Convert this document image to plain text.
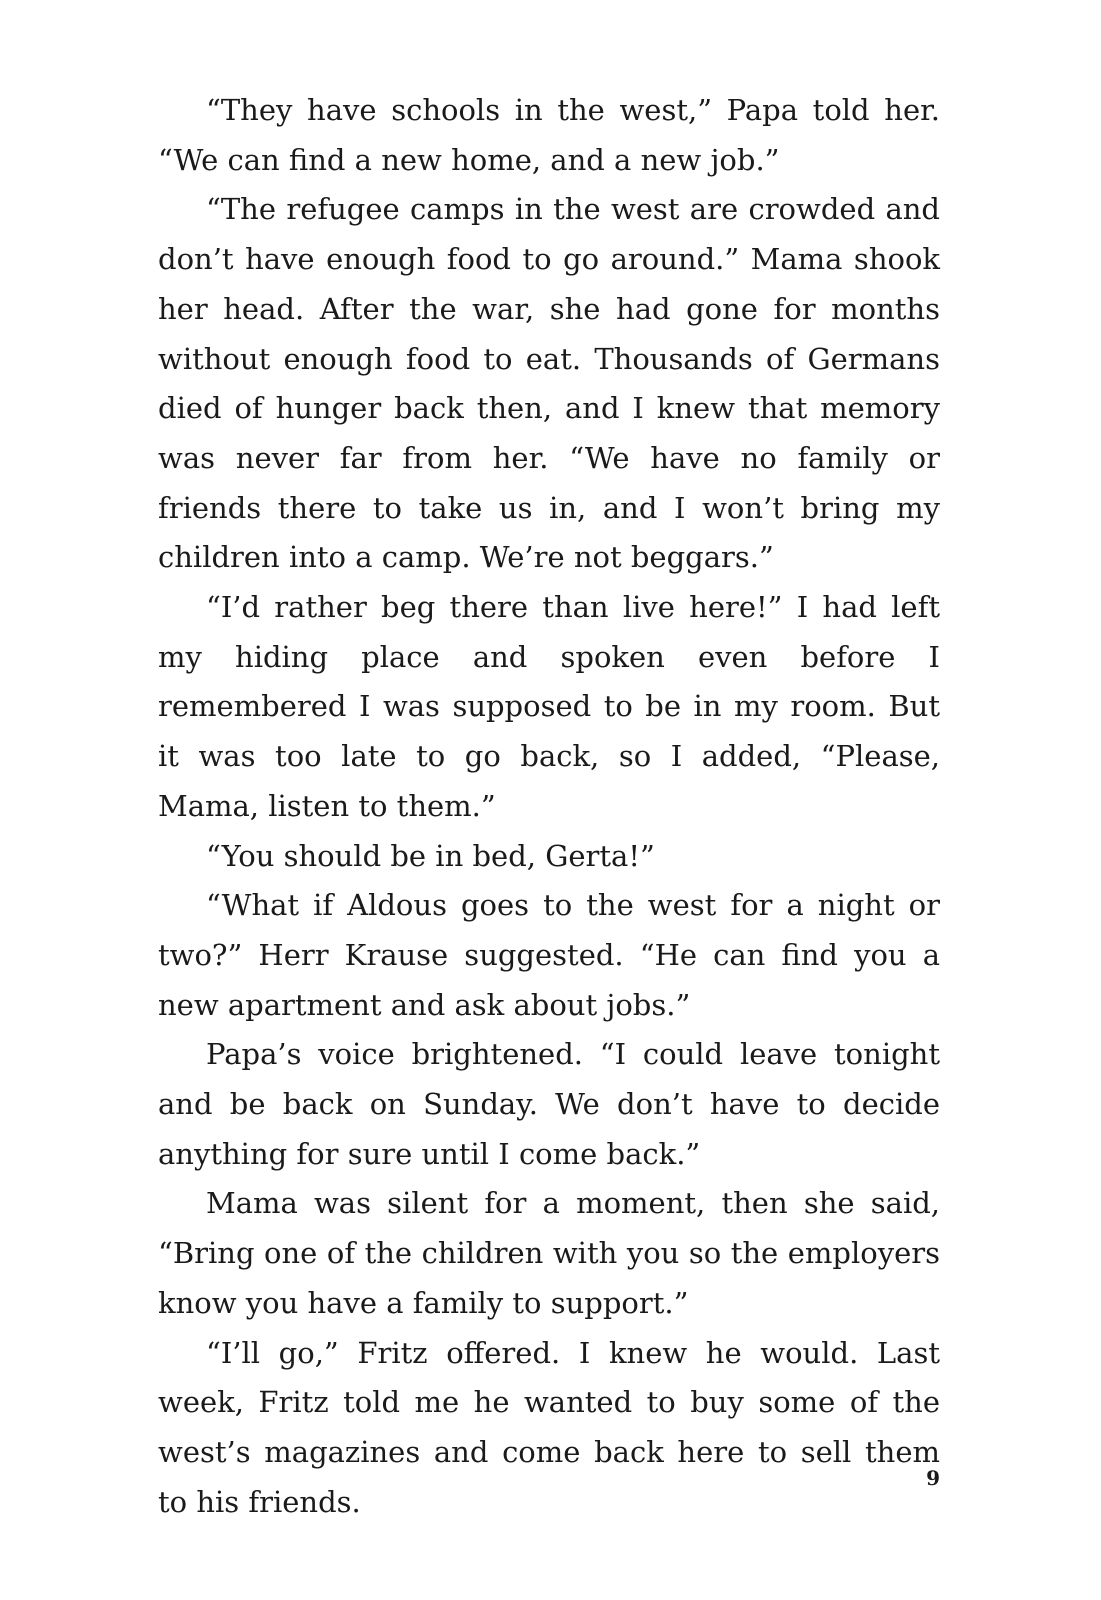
“They have schools in the west,” Papa told her. “We can find a new home, and a new job.”

“The refugee camps in the west are crowded and don’t have enough food to go around.” Mama shook her head. After the war, she had gone for months without enough food to eat. Thousands of Germans died of hunger back then, and I knew that memory was never far from her. “We have no family or friends there to take us in, and I won’t bring my children into a camp. We’re not beggars.”

“I’d rather beg there than live here!” I had left my hiding place and spoken even before I remembered I was supposed to be in my room. But it was too late to go back, so I added, “Please, Mama, listen to them.”

“You should be in bed, Gerta!”

“What if Aldous goes to the west for a night or two?” Herr Krause suggested. “He can find you a new apartment and ask about jobs.”

Papa’s voice brightened. “I could leave tonight and be back on Sunday. We don’t have to decide anything for sure until I come back.”

Mama was silent for a moment, then she said, “Bring one of the children with you so the employers know you have a family to support.”

“I’ll go,” Fritz offered. I knew he would. Last week, Fritz told me he wanted to buy some of the west’s magazines and come back here to sell them to his friends.

9
